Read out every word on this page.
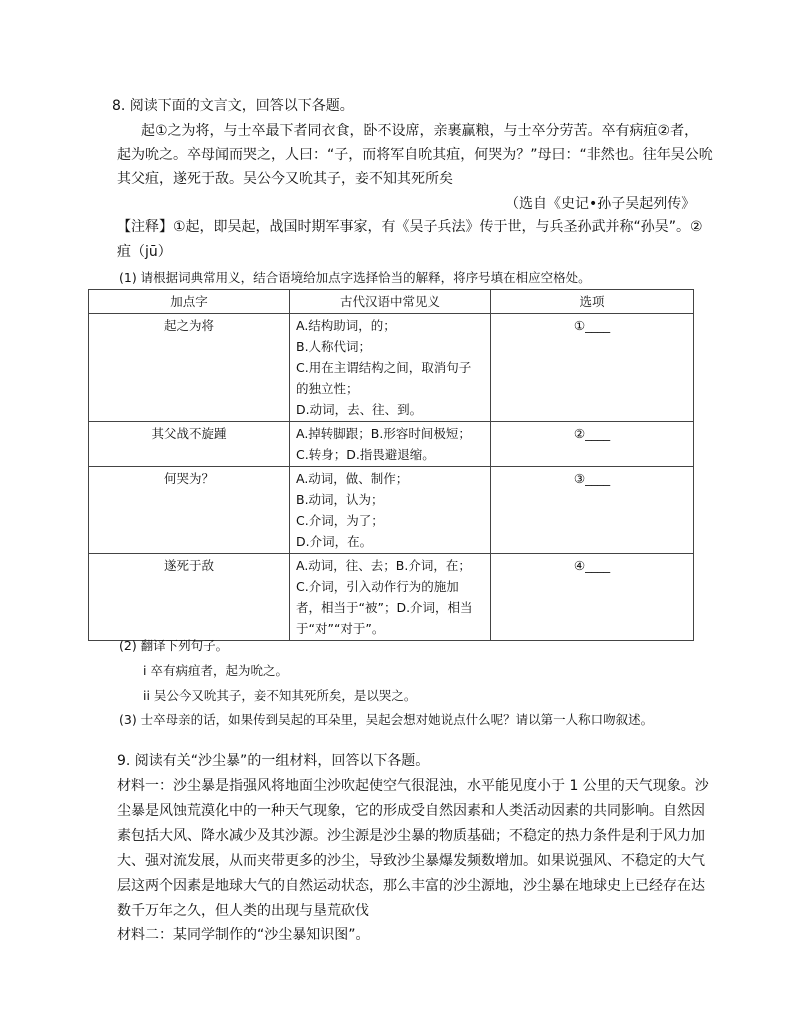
8. 阅读下面的文言文，回答以下各题。
起①之为将，与士卒最下者同衣食，卧不设席，亲裹赢粮，与士卒分劳苦。卒有病疽②者，
起为吮之。卒母闻而哭之，人曰：“子，而将军自吮其疽，何哭为？”母曰：“非然也。往年吴公吮
其父疽，遂死于敌。吴公今又吮其子，妾不知其死所矣
（选自《史记•孙子吴起列传》
【注释】①起，即吴起，战国时期军事家，有《吴子兵法》传于世，与兵圣孙武并称“孙吴”。②
疽（jū）
(1) 请根据词典常用义，结合语境给加点字选择恰当的解释，将序号填在相应空格处。
加点字	古代汉语中常见义	选项
起之为将	A.结构助词，的；
B.人称代词；
C.用在主谓结构之间，取消句子
的独立性；
D.动词，去、往、到。	①____
其父战不旋踵	A.掉转脚跟；B.形容时间极短；
C.转身；D.指畏避退缩。	②____
何哭为？	A.动词，做、制作；
B.动词，认为；
C.介词，为了；
D.介词，在。	③____
遂死于敌	A.动词，往、去；B.介词，在；
C.介词，引入动作行为的施加
者，相当于“被”；D.介词，相当
于“对”“对于”。	④____
(2) 翻译下列句子。
i 卒有病疽者，起为吮之。
ii 吴公今又吮其子，妾不知其死所矣，是以哭之。
(3) 士卒母亲的话，如果传到吴起的耳朵里，吴起会想对她说点什么呢？请以第一人称口吻叙述。
9. 阅读有关“沙尘暴”的一组材料，回答以下各题。
材料一：沙尘暴是指强风将地面尘沙吹起使空气很混浊，水平能见度小于 1 公里的天气现象。沙
尘暴是风蚀荒漠化中的一种天气现象，它的形成受自然因素和人类活动因素的共同影响。自然因
素包括大风、降水减少及其沙源。沙尘源是沙尘暴的物质基础；不稳定的热力条件是利于风力加
大、强对流发展，从而夹带更多的沙尘，导致沙尘暴爆发频数增加。如果说强风、不稳定的大气
层这两个因素是地球大气的自然运动状态，那么丰富的沙尘源地，沙尘暴在地球史上已经存在达
数千万年之久，但人类的出现与垦荒砍伐
材料二：某同学制作的“沙尘暴知识图”。
